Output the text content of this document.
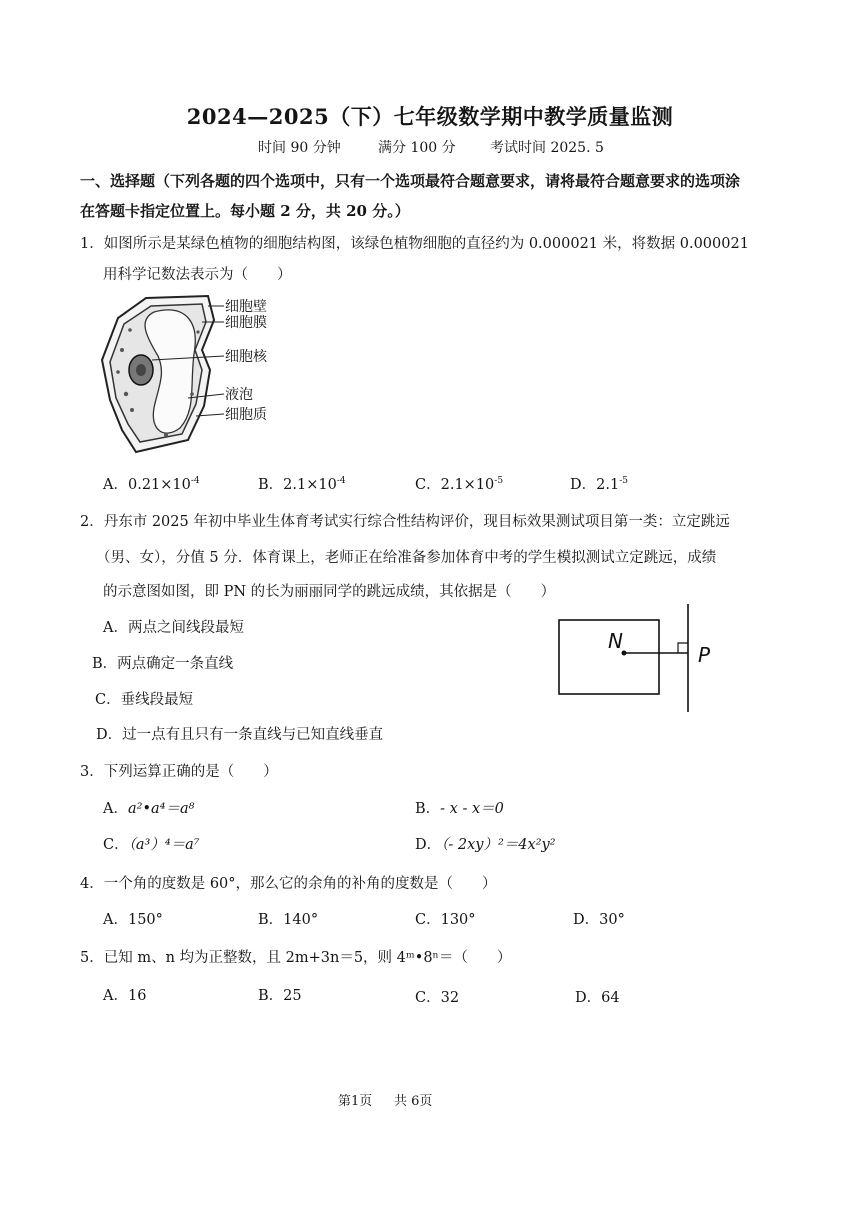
2024—2025（下）七年级数学期中教学质量监测
时间 90 分钟	满分 100 分 考试时间 2025. 5
一、选择题（下列各题的四个选项中，只有一个选项最符合题意要求，请将最符合题意要求的选项涂
在答题卡指定位置上。每小题 2 分，共 20 分。）
1．如图所示是某绿色植物的细胞结构图，该绿色植物细胞的直径约为 0.000021 米，将数据 0.000021
用科学记数法表示为（　　）
细胞壁
细胞膜
细胞核
液泡
细胞质
A．$0.21\times 10^{-4}$	B．$2.1\times 10^{-4}$	C．$2.1\times 10^{-5}$	D．$2.1^{-5}$
2．丹东市 2025 年初中毕业生体育考试实行综合性结构评价，现目标效果测试项目第一类：立定跳远
（男、女），分值 5 分．体育课上，老师正在给准备参加体育中考的学生模拟测试立定跳远，成绩
的示意图如图，即 PN 的长为丽丽同学的跳远成绩，其依据是（　　）
A．两点之间线段最短
B．两点确定一条直线
C．垂线段最短
D．过一点有且只有一条直线与已知直线垂直
N
P
3．下列运算正确的是（　　）
A．a²•a⁴＝a⁸	B．- x - x＝0
C．（a³）⁴＝a⁷	D．（- 2xy）²＝4x²y²
4．一个角的度数是 60°，那么它的余角的补角的度数是（　　）
A．150°	B．140°	C．130°	D．30°
5．已知 m、n 均为正整数，且 2m+3n＝5，则 4ᵐ•8ⁿ＝（　　）
A．16	B．25	C．32	D．64
第1页 共 6页
